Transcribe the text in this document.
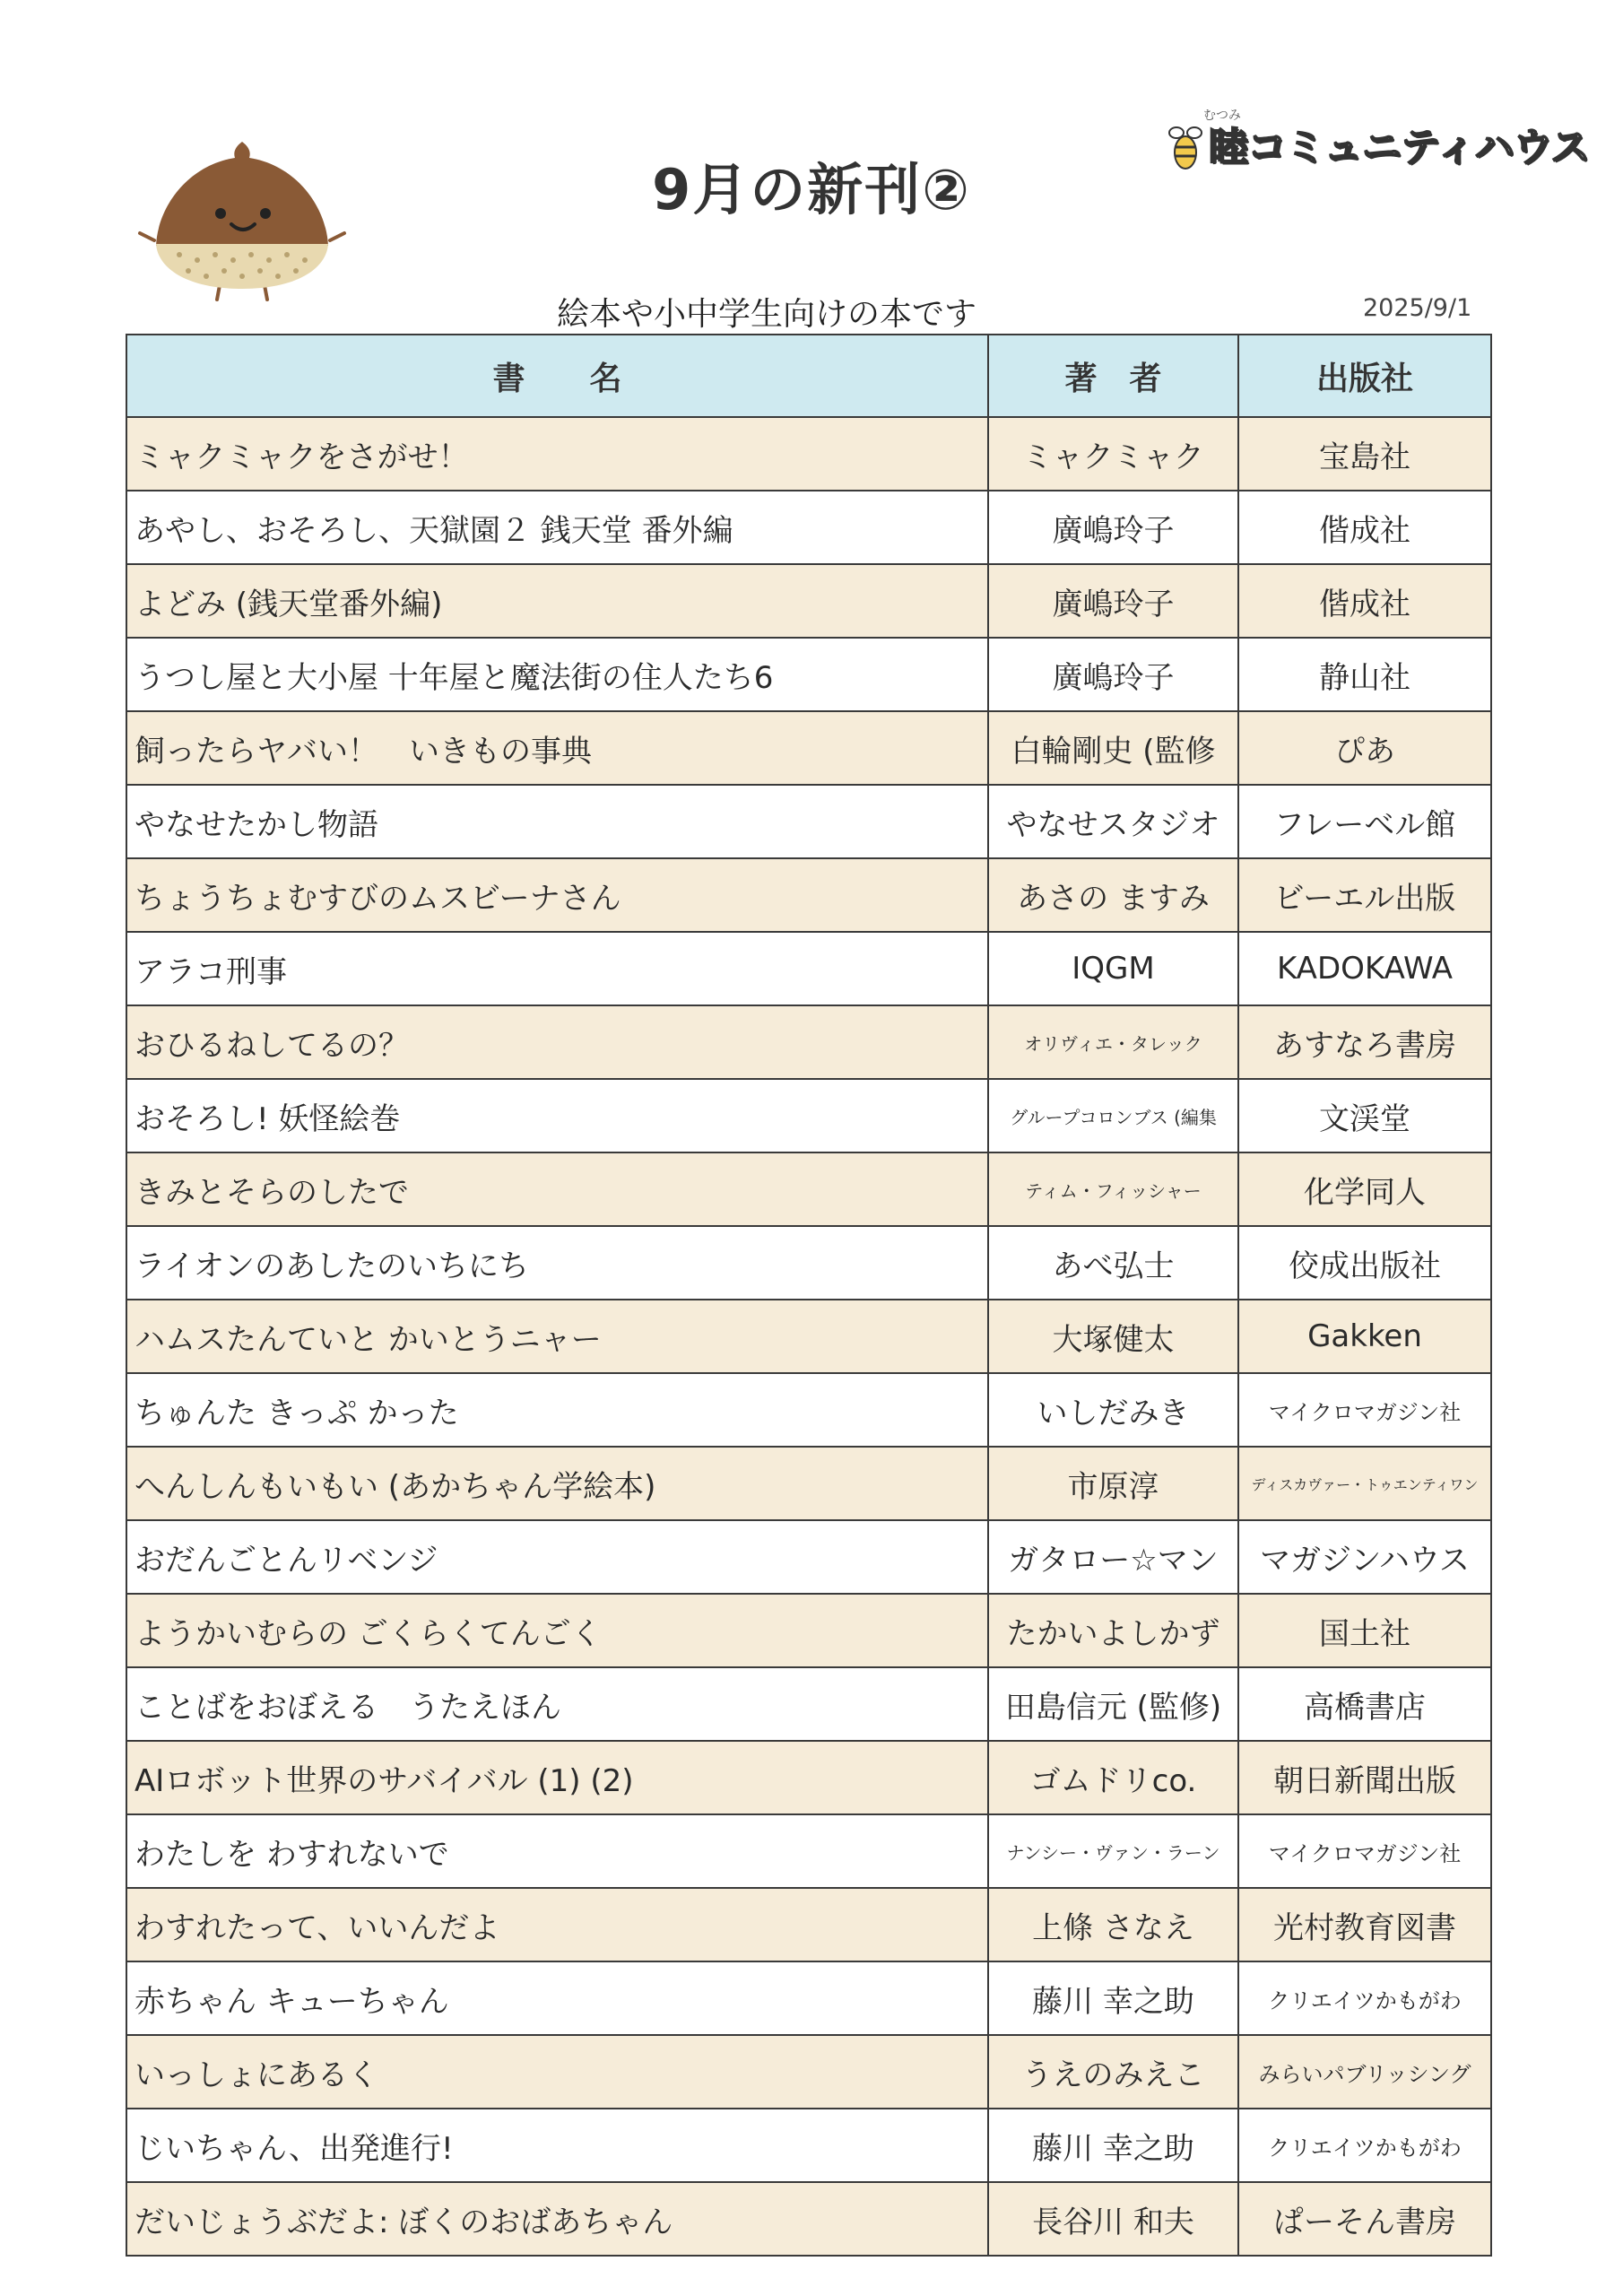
9月の新刊②
むつみ
睦コミュニティハウス
絵本や小中学生向けの本です	2025/9/1
書　　名	著　者	出版社
ミャクミャクをさがせ！	ミャクミャク	宝島社
あやし、おそろし、天獄園２ 銭天堂 番外編	廣嶋玲子	偕成社
よどみ (銭天堂番外編)	廣嶋玲子	偕成社
うつし屋と大小屋 十年屋と魔法街の住人たち6	廣嶋玲子	静山社
飼ったらヤバい！　いきもの事典	白輪剛史 (監修	ぴあ
やなせたかし物語	やなせスタジオ	フレーベル館
ちょうちょむすびのムスビーナさん	あさの ますみ	ビーエル出版
アラコ刑事	IQGM	KADOKAWA
おひるねしてるの？	オリヴィエ・タレック	あすなろ書房
おそろし! 妖怪絵巻	グループコロンブス (編集	文渓堂
きみとそらのしたで	ティム・フィッシャー	化学同人
ライオンのあしたのいちにち	あべ弘士	佼成出版社
ハムスたんていと かいとうニャー	大塚健太	Gakken
ちゅんた きっぷ かった	いしだみき	マイクロマガジン社
へんしんもいもい (あかちゃん学絵本)	市原淳	ディスカヴァー・トゥエンティワン
おだんごとんリベンジ	ガタロー☆マン	マガジンハウス
ようかいむらの ごくらくてんごく	たかいよしかず	国土社
ことばをおぼえる　うたえほん	田島信元 (監修)	高橋書店
AIロボット世界のサバイバル (1) (2)	ゴムドリco.	朝日新聞出版
わたしを わすれないで	ナンシー・ヴァン・ラーン	マイクロマガジン社
わすれたって、いいんだよ	上條 さなえ	光村教育図書
赤ちゃん キューちゃん	藤川 幸之助	クリエイツかもがわ
いっしょにあるく	うえのみえこ	みらいパブリッシング
じいちゃん、出発進行!	藤川 幸之助	クリエイツかもがわ
だいじょうぶだよ: ぼくのおばあちゃん	長谷川 和夫	ぱーそん書房
